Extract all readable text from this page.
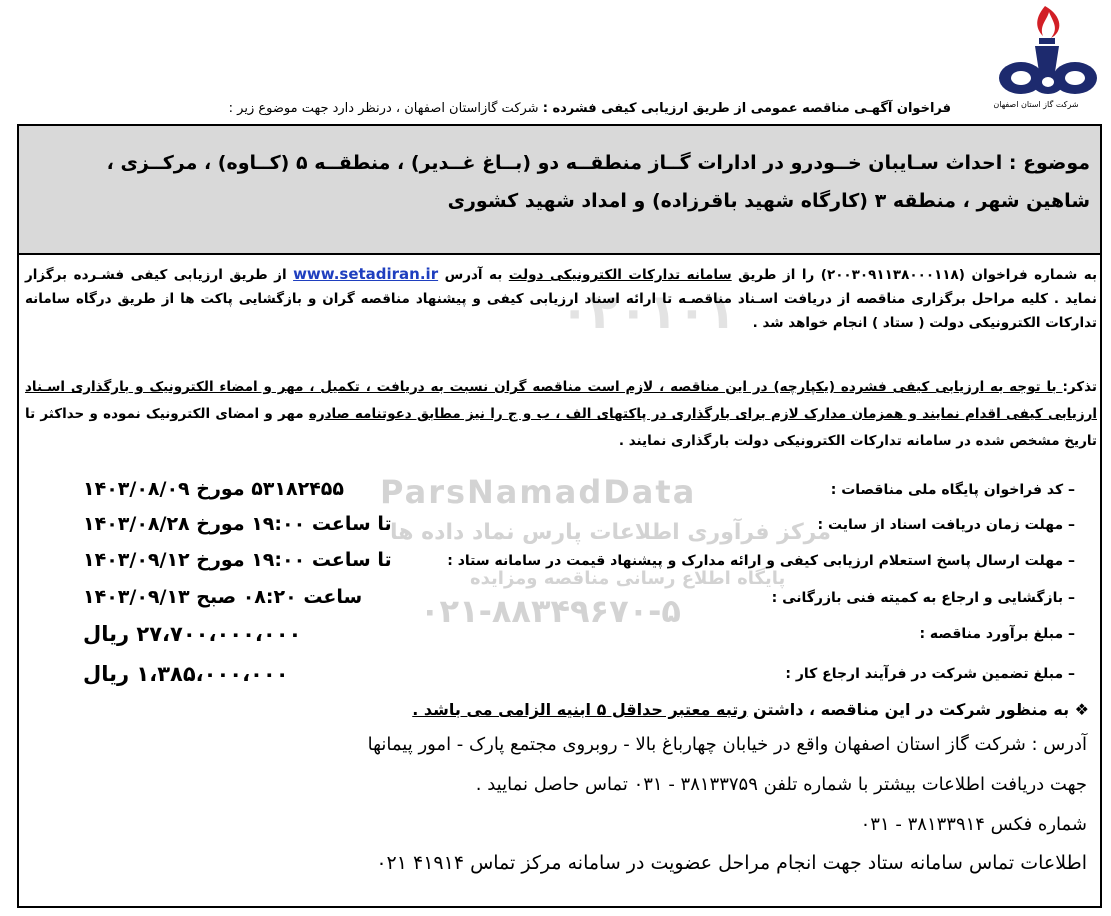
شرکت گاز استان اصفهان
فراخوان آگهـی مناقصه عمومی از طریق ارزیابی کیفی فشرده : شرکت گازاستان اصفهان ، درنظر دارد جهت موضوع زیر :
موضوع : احداث سـایبان خــودرو در ادارات گــاز منطقــه دو (بــاغ غــدیر) ، منطقــه ۵ (کــاوه) ، مرکــزی ،
شاهین شهر ، منطقه ۳ (کارگاه شهید باقرزاده) و امداد شهید کشوری
۰۲۰۱۰۱
ParsNamadData
مرکز فرآوری اطلاعات پارس نماد داده ها
پایگاه اطلاع رسانی مناقصه ومزایده
۰۲۱-۸۸۳۴۹۶۷۰-۵

به شماره فراخوان (۲۰۰۳۰۹۱۱۳۸۰۰۰۱۱۸) را از طریق سامانه تدارکات الکترونیکی دولت به آدرس www.setadiran.ir از طریق ارزیابی کیفی فشـرده برگزار نماید . کلیه مراحل برگزاری مناقصه از دریافت اسـناد مناقصـه تا ارائه اسناد ارزیابی کیفی و پیشنهاد مناقصه گران و بازگشایی پاکت ها از طریق درگاه سامانه تدارکات الکترونیکی دولت ( ستاد ) انجام خواهد شد .

تذکر: با توجه به ارزیابی کیفی فشرده (یکپارچه) در این مناقصه ، لازم است مناقصه گران نسبت به دریافت ، تکمیل ، مهر و امضاء الکترونیک و بارگذاری اسـناد ارزیابی کیفی اقدام نمایند و همزمان مدارک لازم برای بارگذاری در پاکتهای الف ، ب و ج را نیز مطابق دعوتنامه صادره مهر و امضای الکترونیک نموده و حداکثر تا تاریخ مشخص شده در سامانه تدارکات الکترونیکی دولت بارگذاری نمایند .
– کد فراخوان پایگاه ملی مناقصات :
۵۳۱۸۲۴۵۵ مورخ ۱۴۰۳/۰۸/۰۹
– مهلت زمان دریافت اسناد از سایت :
تا ساعت ۱۹:۰۰ مورخ ۱۴۰۳/۰۸/۲۸
– مهلت ارسال پاسخ استعلام ارزیابی کیفی و ارائه مدارک و پیشنهاد قیمت در سامانه ستاد :
تا ساعت ۱۹:۰۰ مورخ ۱۴۰۳/۰۹/۱۲
– بازگشایی و ارجاع به کمیته فنی بازرگانی :
ساعت ۰۸:۲۰ صبح ۱۴۰۳/۰۹/۱۳
– مبلغ برآورد مناقصه :
۲۷،۷۰۰،۰۰۰،۰۰۰ ریال
– مبلغ تضمین شرکت در فرآیند ارجاع کار :
۱،۳۸۵،۰۰۰،۰۰۰ ریال
❖ به منظور شرکت در این مناقصه ، داشتن رتبه معتبر حداقل ۵ ابنیه الزامی می باشد .
آدرس : شرکت گاز استان اصفهان واقع در خیابان چهارباغ بالا - روبروی مجتمع پارک - امور پیمانها
جهت دریافت اطلاعات بیشتر با شماره تلفن ۳۸۱۳۳۷۵۹ - ۰۳۱ تماس حاصل نمایید .
شماره فکس ۳۸۱۳۳۹۱۴ - ۰۳۱
اطلاعات تماس سامانه ستاد جهت انجام مراحل عضویت در سامانه مرکز تماس ۴۱۹۱۴ ۰۲۱
